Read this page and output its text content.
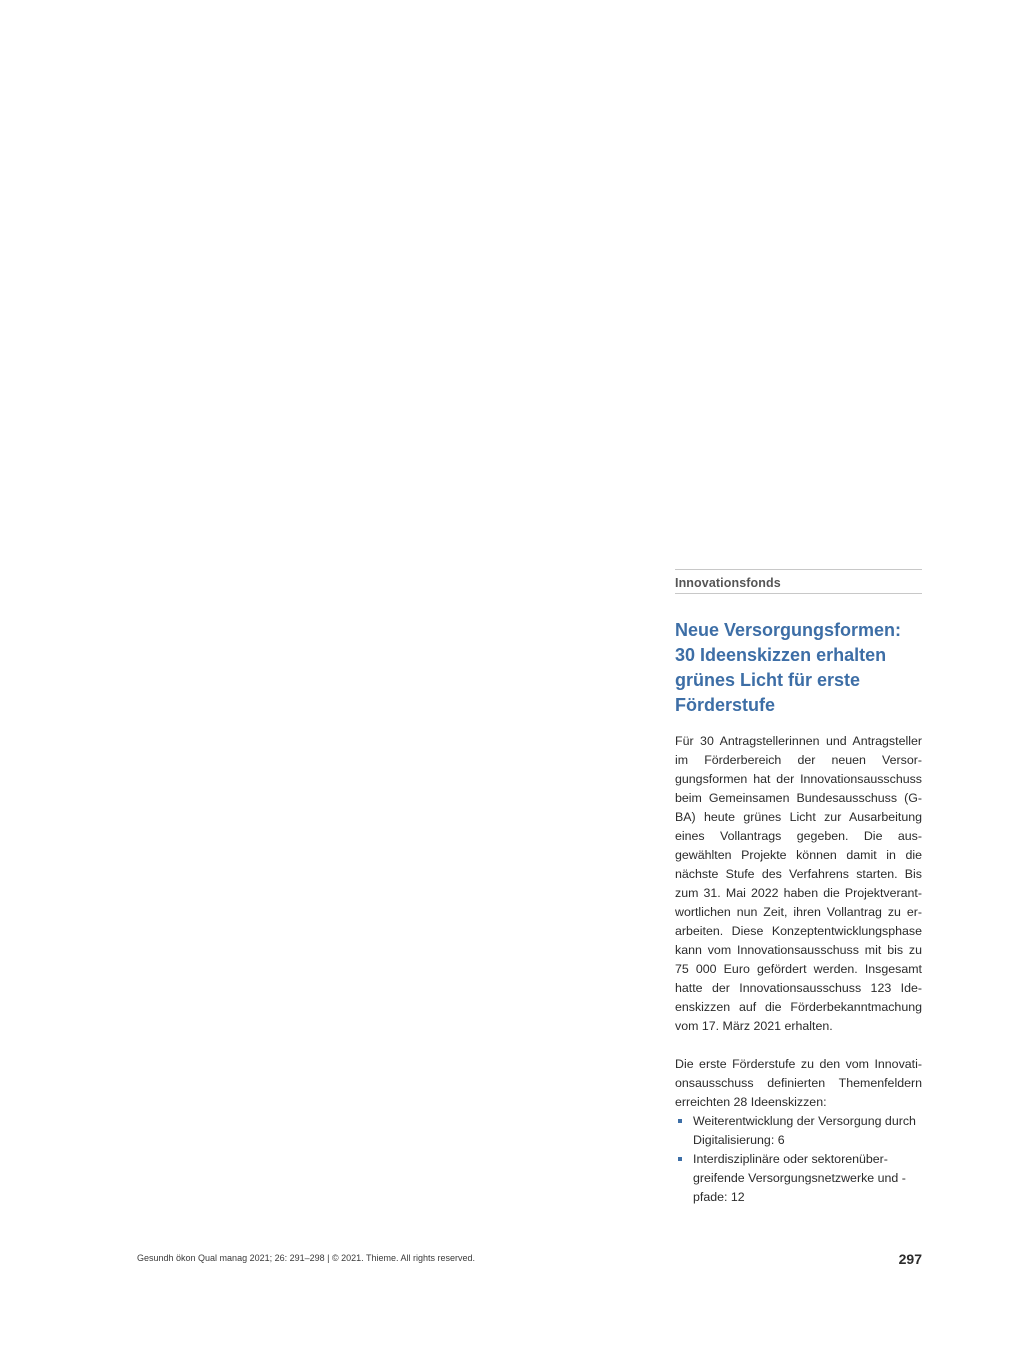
Innovationsfonds
Neue Versorgungsformen: 30 Ideenskizzen erhalten grünes Licht für erste Förderstufe

Für 30 Antragstellerinnen und Antragsteller im Förderbereich der neuen Versorgungsformen hat der Innovationsausschuss beim Gemeinsamen Bundesausschuss (G-BA) heute grünes Licht zur Ausarbeitung eines Vollantrags gegeben. Die ausgewählten Projekte können damit in die nächste Stufe des Verfahrens starten. Bis zum 31. Mai 2022 haben die Projektverantwortlichen nun Zeit, ihren Vollantrag zu erarbeiten. Diese Konzeptentwicklungsphase kann vom Innovationsausschuss mit bis zu 75 000 Euro gefördert werden. Insgesamt hatte der Innovationsausschuss 123 Ideenskizzen auf die Förderbekanntmachung vom 17. März 2021 erhalten.

Die erste Förderstufe zu den vom Innovationsausschuss definierten Themenfeldern erreichten 28 Ideenskizzen:

Weiterentwicklung der Versorgung durch Digitalisierung: 6
Interdisziplinäre oder sektorenübergreifende Versorgungsnetzwerke und -pfade: 12
Gesundh ökon Qual manag 2021; 26: 291–298 | © 2021. Thieme. All rights reserved.	297
